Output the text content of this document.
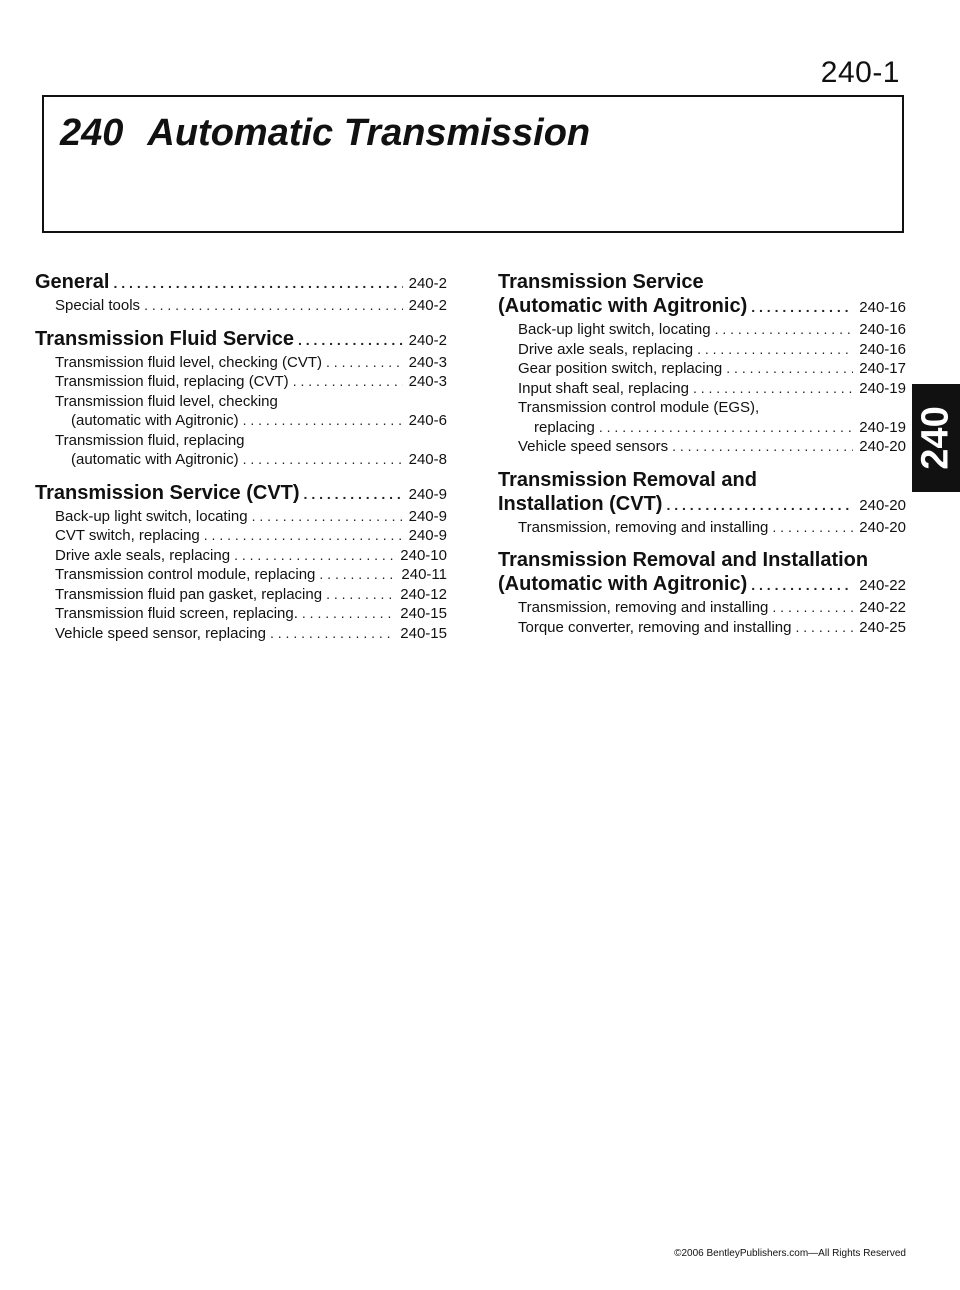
240-1
240 Automatic Transmission
General . . .	240-2
Special tools . . .	240-2
Transmission Fluid Service . . .	240-2
Transmission fluid level, checking (CVT) . . .	240-3
Transmission fluid, replacing (CVT) . . .	240-3
Transmission fluid level, checking
(automatic with Agitronic) . . .	240-6
Transmission fluid, replacing
(automatic with Agitronic) . . .	240-8
Transmission Service (CVT) . . .	240-9
Back-up light switch, locating . . .	240-9
CVT switch, replacing . . .	240-9
Drive axle seals, replacing . . .	240-10
Transmission control module, replacing . . .	240-11
Transmission fluid pan gasket, replacing . . .	240-12
Transmission fluid screen, replacing. . . .	240-15
Vehicle speed sensor, replacing . . .	240-15
Transmission Service
(Automatic with Agitronic) . . .	240-16
Back-up light switch, locating . . .	240-16
Drive axle seals, replacing . . .	240-16
Gear position switch, replacing . . .	240-17
Input shaft seal, replacing . . .	240-19
Transmission control module (EGS),
replacing . . .	240-19
Vehicle speed sensors . . .	240-20
Transmission Removal and
Installation (CVT) . . .	240-20
Transmission, removing and installing . . .	240-20
Transmission Removal and Installation
(Automatic with Agitronic) . . .	240-22
Transmission, removing and installing . . .	240-22
Torque converter, removing and installing . . .	240-25
240
©2006 BentleyPublishers.com—All Rights Reserved
